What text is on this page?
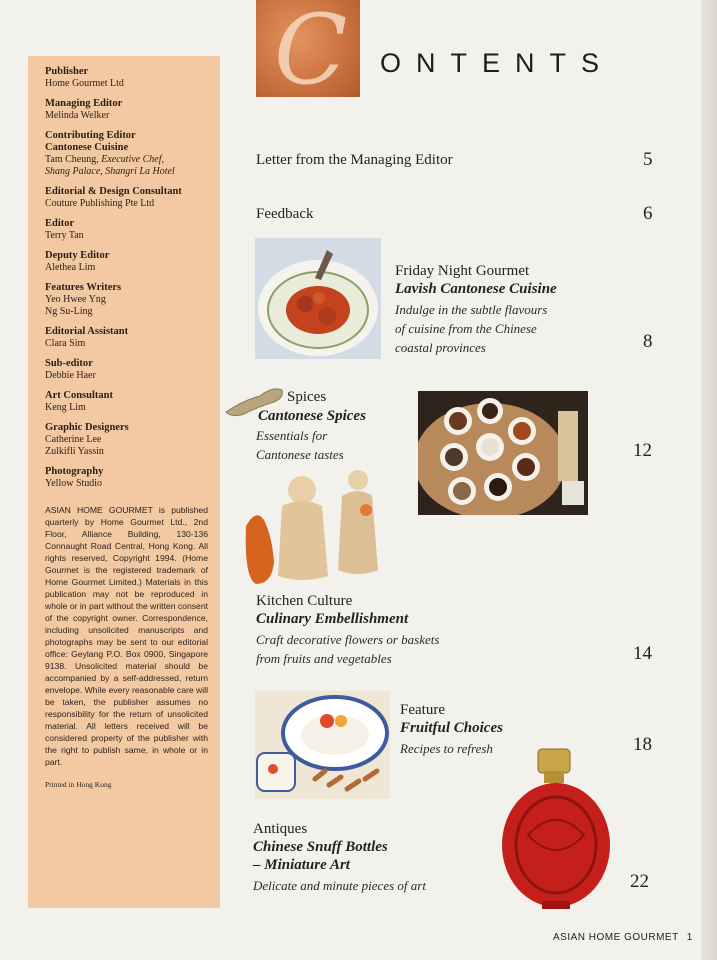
Publisher
Home Gourmet Ltd
Managing Editor
Melinda Welker
Contributing Editor
Cantonese Cuisine
Tam Cheung, Executive Chef,
Shang Palace, Shangri La Hotel
Editorial & Design Consultant
Couture Publishing Pte Ltd
Editor
Terry Tan
Deputy Editor
Alethea Lim
Features Writers
Yeo Hwee Yng
Ng Su-Ling
Editorial Assistant
Clara Sim
Sub-editor
Debbie Haer
Art Consultant
Keng Lim
Graphic Designers
Catherine Lee
Zulkifli Yassin
Photography
Yellow Studio
ASIAN HOME GOURMET is published quarterly by Home Gourmet Ltd., 2nd Floor, Alliance Building, 130-136 Connaught Road Central, Hong Kong. All rights reserved, Copyright 1994. (Home Gourmet is the registered trademark of Home Gourmet Limited.) Materials in this publication may not be reproduced in whole or in part without the written consent of the copyright owner. Correspondence, including unsolicited manuscripts and photographs may be sent to our editorial office: Geylang P.O. Box 0900, Singapore 9138. Unsolicited material should be accompanied by a self-addressed, return envelope. While every reasonable care will be taken, the publisher assumes no responsibility for the return of unsolicited material. All letters received will be considered property of the publisher with the right to publish same, in whole or in part.
Printed in Hong Kong
C ONTENTS
Letter from the Managing Editor	5
Feedback	6
Friday Night Gourmet
Lavish Cantonese Cuisine
Indulge in the subtle flavours
of cuisine from the Chinese
coastal provinces	8
Spices
Cantonese Spices
Essentials for
Cantonese tastes	12
Kitchen Culture
Culinary Embellishment
Craft decorative flowers or baskets
from fruits and vegetables	14
Feature
Fruitful Choices
Recipes to refresh	18
Antiques
Chinese Snuff Bottles
– Miniature Art
Delicate and minute pieces of art	22
ASIAN HOME GOURMET 1
